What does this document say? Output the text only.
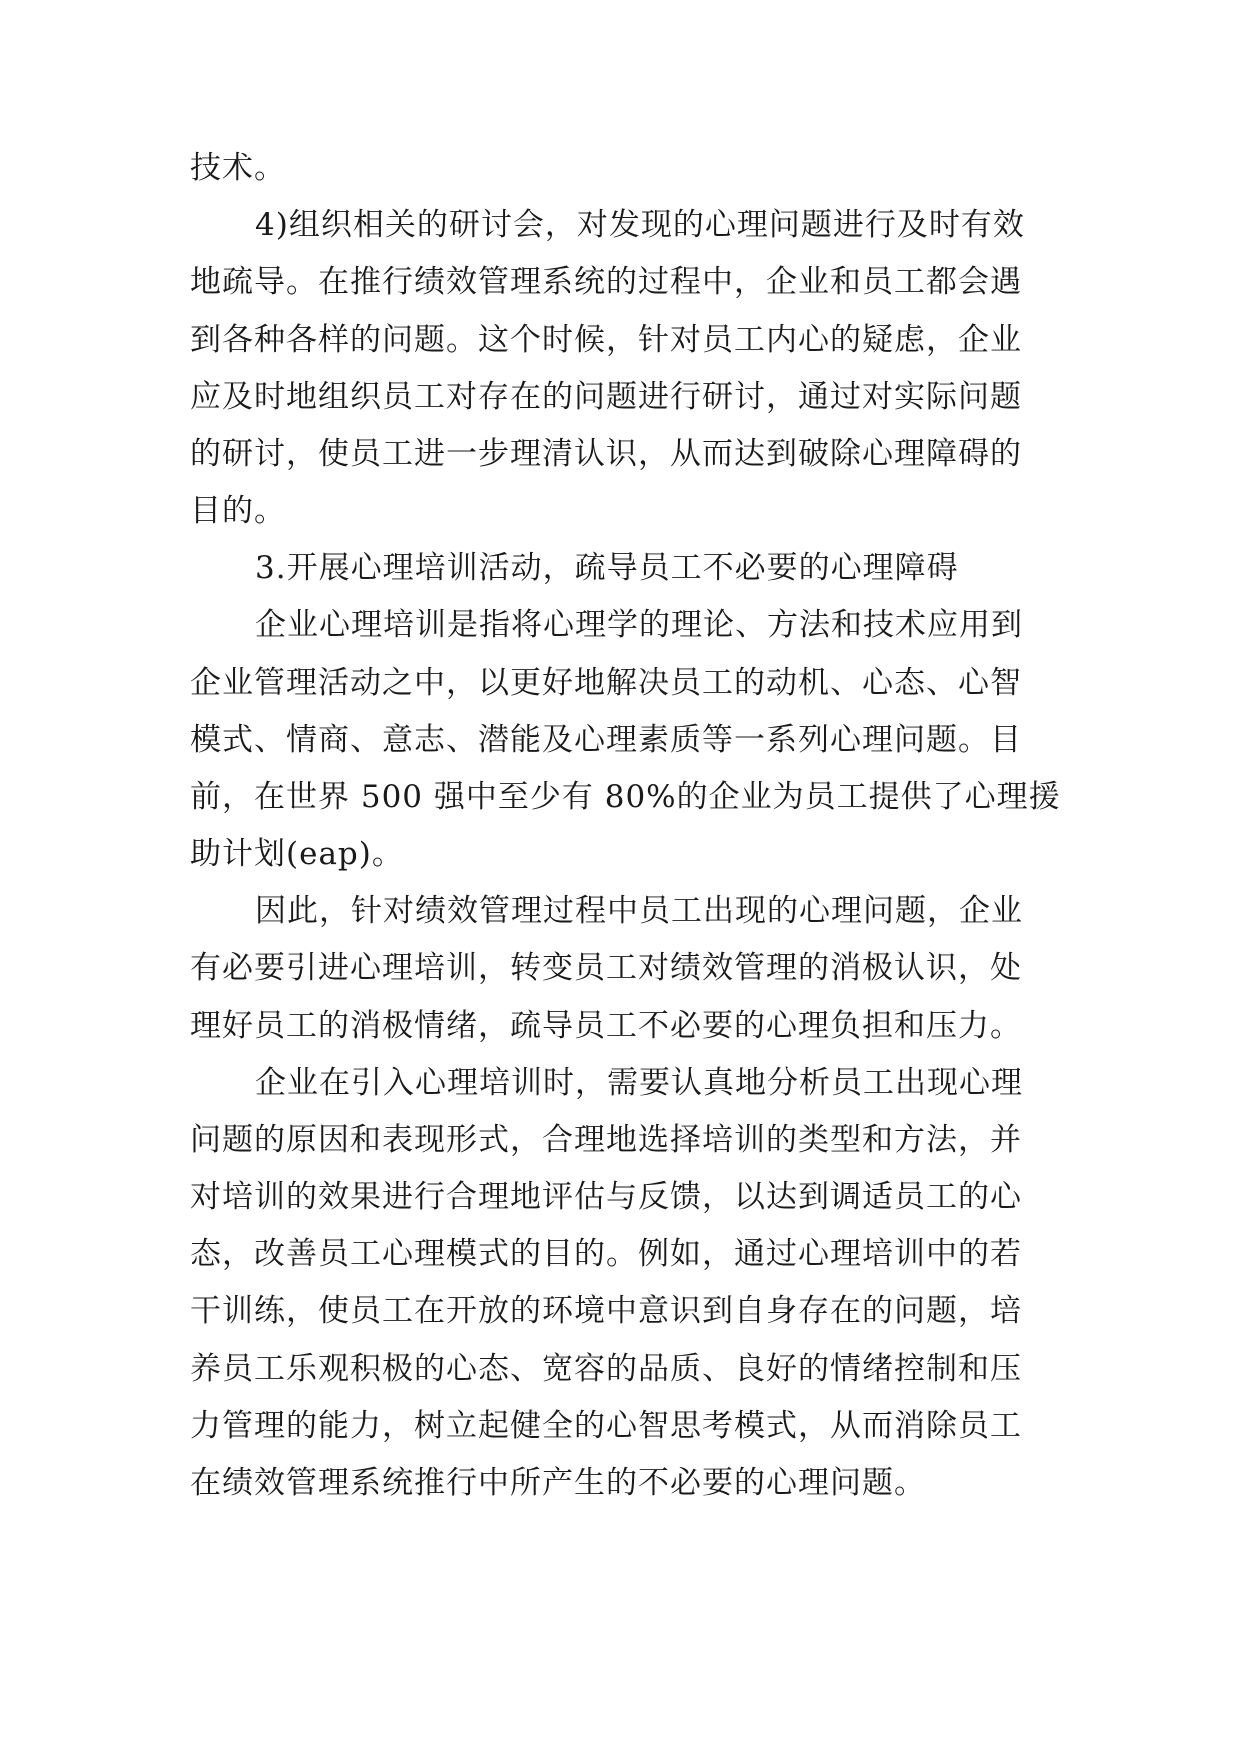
技术。
4)组织相关的研讨会，对发现的心理问题进行及时有效
地疏导。在推行绩效管理系统的过程中，企业和员工都会遇
到各种各样的问题。这个时候，针对员工内心的疑虑，企业
应及时地组织员工对存在的问题进行研讨，通过对实际问题
的研讨，使员工进一步理清认识，从而达到破除心理障碍的
目的。
3.开展心理培训活动，疏导员工不必要的心理障碍
企业心理培训是指将心理学的理论、方法和技术应用到
企业管理活动之中，以更好地解决员工的动机、心态、心智
模式、情商、意志、潜能及心理素质等一系列心理问题。目
前，在世界 500 强中至少有 80%的企业为员工提供了心理援
助计划(eap)。
因此，针对绩效管理过程中员工出现的心理问题，企业
有必要引进心理培训，转变员工对绩效管理的消极认识，处
理好员工的消极情绪，疏导员工不必要的心理负担和压力。
企业在引入心理培训时，需要认真地分析员工出现心理
问题的原因和表现形式，合理地选择培训的类型和方法，并
对培训的效果进行合理地评估与反馈，以达到调适员工的心
态，改善员工心理模式的目的。例如，通过心理培训中的若
干训练，使员工在开放的环境中意识到自身存在的问题，培
养员工乐观积极的心态、宽容的品质、良好的情绪控制和压
力管理的能力，树立起健全的心智思考模式，从而消除员工
在绩效管理系统推行中所产生的不必要的心理问题。
